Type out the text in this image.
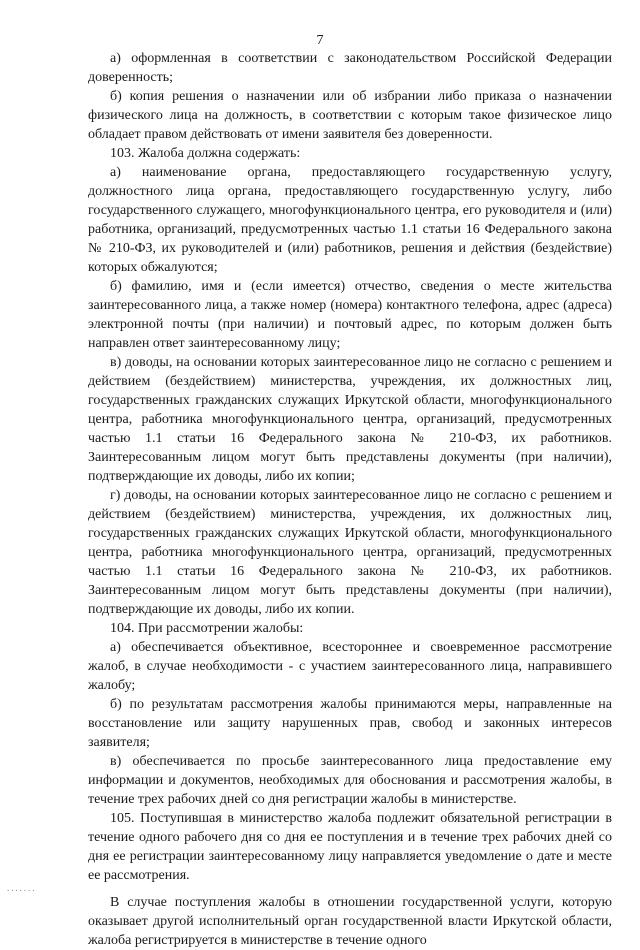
7

а) оформленная в соответствии с законодательством Российской Федерации доверенность;

б) копия решения о назначении или об избрании либо приказа о назначении физического лица на должность, в соответствии с которым такое физическое лицо обладает правом действовать от имени заявителя без доверенности.

103. Жалоба должна содержать:

а) наименование органа, предоставляющего государственную услугу, должностного лица органа, предоставляющего государственную услугу, либо государственного служащего, многофункционального центра, его руководителя и (или) работника, организаций, предусмотренных частью 1.1 статьи 16 Федерального закона № 210-ФЗ, их руководителей и (или) работников, решения и действия (бездействие) которых обжалуются;

б) фамилию, имя и (если имеется) отчество, сведения о месте жительства заинтересованного лица, а также номер (номера) контактного телефона, адрес (адреса) электронной почты (при наличии) и почтовый адрес, по которым должен быть направлен ответ заинтересованному лицу;

в) доводы, на основании которых заинтересованное лицо не согласно с решением и действием (бездействием) министерства, учреждения, их должностных лиц, государственных гражданских служащих Иркутской области, многофункционального центра, работника многофункционального центра, организаций, предусмотренных частью 1.1 статьи 16 Федерального закона № 210-ФЗ, их работников. Заинтересованным лицом могут быть представлены документы (при наличии), подтверждающие их доводы, либо их копии;

г) доводы, на основании которых заинтересованное лицо не согласно с решением и действием (бездействием) министерства, учреждения, их должностных лиц, государственных гражданских служащих Иркутской области, многофункционального центра, работника многофункционального центра, организаций, предусмотренных частью 1.1 статьи 16 Федерального закона № 210-ФЗ, их работников. Заинтересованным лицом могут быть представлены документы (при наличии), подтверждающие их доводы, либо их копии.

104. При рассмотрении жалобы:

а) обеспечивается объективное, всестороннее и своевременное рассмотрение жалоб, в случае необходимости - с участием заинтересованного лица, направившего жалобу;

б) по результатам рассмотрения жалобы принимаются меры, направленные на восстановление или защиту нарушенных прав, свобод и законных интересов заявителя;

в) обеспечивается по просьбе заинтересованного лица предоставление ему информации и документов, необходимых для обоснования и рассмотрения жалобы, в течение трех рабочих дней со дня регистрации жалобы в министерстве.

105. Поступившая в министерство жалоба подлежит обязательной регистрации в течение одного рабочего дня со дня ее поступления и в течение трех рабочих дней со дня ее регистрации заинтересованному лицу направляется уведомление о дате и месте ее рассмотрения.

В случае поступления жалобы в отношении государственной услуги, которую оказывает другой исполнительный орган государственной власти Иркутской области, жалоба регистрируется в министерстве в течение одного

.......
